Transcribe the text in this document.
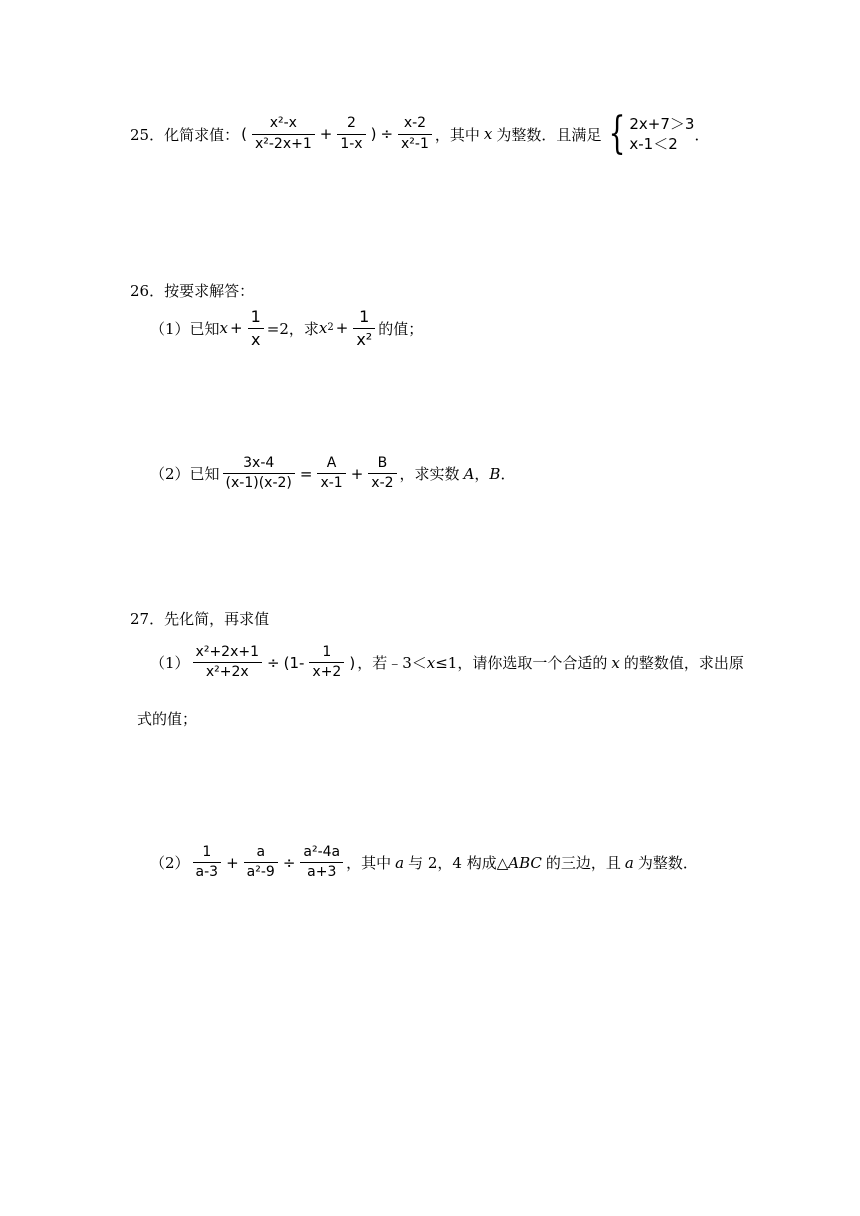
25． 化简求值： ( $\frac{\text{x²-x}}{\text{x²-2x+1}} + \frac{2}{1-x}$ ) ÷ $\frac{x-2}{\text{x²-1}}$ ，其中 x 为整数．且满足 { 2x+7＞3
x-1＜2
．
26． 按要求解答：
（1）已知 $x + \frac{1}{x} =2$，求 x $2 + \frac{1}{\text{x²}}$ 的值；
（2）已知 $\frac{3x-4}{(x-1)(x-2)} = \frac{A}{x-1} + \frac{B}{x-2}$ ，求实数 A ， B ．
27． 先化简，再求值
$(1) \frac{\text{x²+2x+1}}{\text{x²+2x}} \div (1- \frac{1}{x+2}$ ) ，若﹣3＜ x ≤1，请你选取一个合适的 x 的整数值，求出原
式的值；
$(2) \frac{1}{a-3} + \frac{a}{\text{a²-9}} \div \frac{\text{a²-4a}}{a+3}$ ，其中 a 与 2，4 构成△ ABC 的三边，且 a 为整数．
